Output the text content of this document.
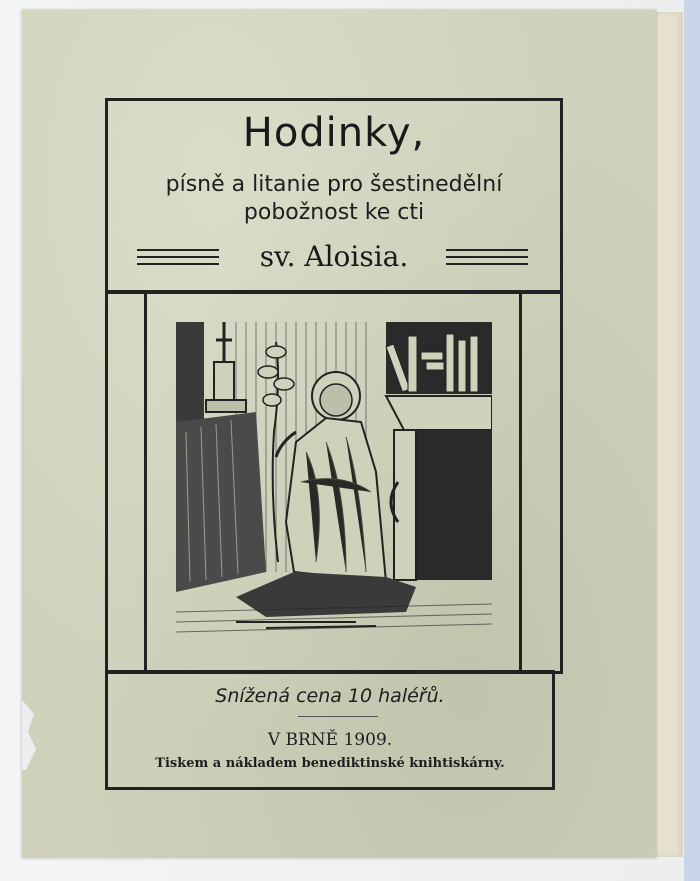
Hodinky,
písně a litanie pro šestinedělní
pobožnost ke cti
sv. Aloisia.
Snížená cena 10 haléřů.
V BRNĚ 1909.
Tiskem a nákladem benediktinské knihtiskárny.
